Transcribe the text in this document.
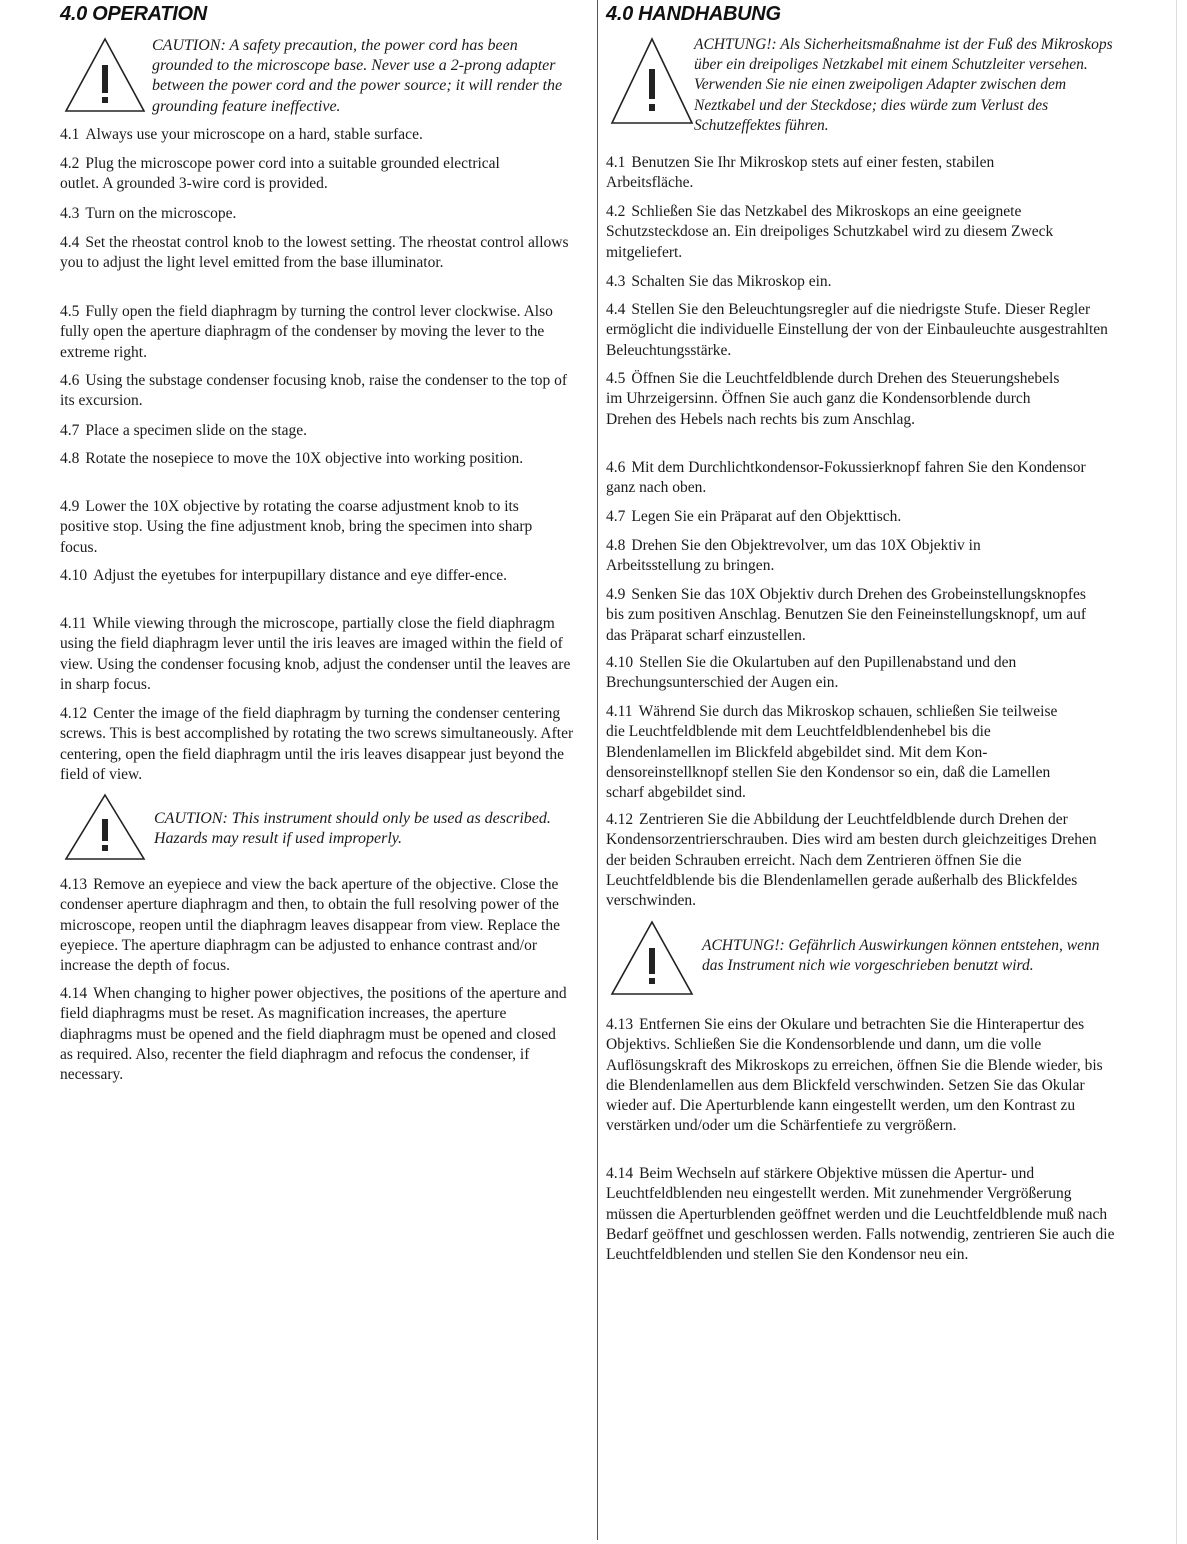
4.0 OPERATION
CAUTION: A safety precaution, the power cord has been grounded to the microscope base. Never use a 2-prong adapter between the power cord and the power source; it will render the grounding feature ineffective.

4.1 Always use your microscope on a hard, stable surface.

4.2 Plug the microscope power cord into a suitable grounded electrical outlet. A grounded 3-wire cord is provided.

4.3 Turn on the microscope.

4.4 Set the rheostat control knob to the lowest setting. The rheostat control allows you to adjust the light level emitted from the base illuminator.

4.5 Fully open the field diaphragm by turning the control lever clockwise. Also fully open the aperture diaphragm of the condenser by moving the lever to the extreme right.

4.6 Using the substage condenser focusing knob, raise the condenser to the top of its excursion.

4.7 Place a specimen slide on the stage.

4.8 Rotate the nosepiece to move the 10X objective into working position.

4.9 Lower the 10X objective by rotating the coarse adjustment knob to its positive stop. Using the fine adjustment knob, bring the specimen into sharp focus.

4.10 Adjust the eyetubes for interpupillary distance and eye differ-ence.

4.11 While viewing through the microscope, partially close the field diaphragm using the field diaphragm lever until the iris leaves are imaged within the field of view. Using the condenser focusing knob, adjust the condenser until the leaves are in sharp focus.

4.12 Center the image of the field diaphragm by turning the condenser centering screws. This is best accomplished by rotating the two screws simultaneously. After centering, open the field diaphragm until the iris leaves disappear just beyond the field of view.

CAUTION: This instrument should only be used as described. Hazards may result if used improperly.

4.13 Remove an eyepiece and view the back aperture of the objective. Close the condenser aperture diaphragm and then, to obtain the full resolving power of the microscope, reopen until the diaphragm leaves disappear from view. Replace the eyepiece. The aperture diaphragm can be adjusted to enhance contrast and/or increase the depth of focus.

4.14 When changing to higher power objectives, the positions of the aperture and field diaphragms must be reset. As magnification increases, the aperture diaphragms must be opened and the field diaphragm must be opened and closed as required. Also, recenter the field diaphragm and refocus the condenser, if necessary.

4.0 HANDHABUNG
ACHTUNG!: Als Sicherheitsmaßnahme ist der Fuß des Mikroskops über ein dreipoliges Netzkabel mit einem Schutzleiter versehen. Verwenden Sie nie einen zweipoligen Adapter zwischen dem Neztkabel und der Steckdose; dies würde zum Verlust des Schutzeffektes führen.

4.1 Benutzen Sie Ihr Mikroskop stets auf einer festen, stabilen Arbeitsfläche.

4.2 Schließen Sie das Netzkabel des Mikroskops an eine geeignete Schutzsteckdose an. Ein dreipoliges Schutzkabel wird zu diesem Zweck mitgeliefert.

4.3 Schalten Sie das Mikroskop ein.

4.4 Stellen Sie den Beleuchtungsregler auf die niedrigste Stufe. Dieser Regler ermöglicht die individuelle Einstellung der von der Einbauleuchte ausgestrahlten Beleuchtungsstärke.

4.5 Öffnen Sie die Leuchtfeldblende durch Drehen des Steuerungshebels im Uhrzeigersinn. Öffnen Sie auch ganz die Kondensorblende durch Drehen des Hebels nach rechts bis zum Anschlag.

4.6 Mit dem Durchlichtkondensor-Fokussierknopf fahren Sie den Kondensor ganz nach oben.

4.7 Legen Sie ein Präparat auf den Objekttisch.

4.8 Drehen Sie den Objektrevolver, um das 10X Objektiv in Arbeitsstellung zu bringen.

4.9 Senken Sie das 10X Objektiv durch Drehen des Grobeinstellungsknopfes bis zum positiven Anschlag. Benutzen Sie den Feineinstellungsknopf, um auf das Präparat scharf einzustellen.

4.10 Stellen Sie die Okulartuben auf den Pupillenabstand und den Brechungsunterschied der Augen ein.

4.11 Während Sie durch das Mikroskop schauen, schließen Sie teilweise die Leuchtfeldblende mit dem Leuchtfeldblendenhebel bis die Blendenlamellen im Blickfeld abgebildet sind. Mit dem Kon-densoreinstellknopf stellen Sie den Kondensor so ein, daß die Lamellen scharf abgebildet sind.

4.12 Zentrieren Sie die Abbildung der Leuchtfeldblende durch Drehen der Kondensorzentrierschrauben. Dies wird am besten durch gleichzeitiges Drehen der beiden Schrauben erreicht. Nach dem Zentrieren öffnen Sie die Leuchtfeldblende bis die Blendenlamellen gerade außerhalb des Blickfeldes verschwinden.

ACHTUNG!: Gefährlich Auswirkungen können entstehen, wenn das Instrument nich wie vorgeschrieben benutzt wird.

4.13 Entfernen Sie eins der Okulare und betrachten Sie die Hinterapertur des Objektivs. Schließen Sie die Kondensorblende und dann, um die volle Auflösungskraft des Mikroskops zu erreichen, öffnen Sie die Blende wieder, bis die Blendenlamellen aus dem Blickfeld verschwinden. Setzen Sie das Okular wieder auf. Die Aperturblende kann eingestellt werden, um den Kontrast zu verstärken und/oder um die Schärfentiefe zu vergrößern.

4.14 Beim Wechseln auf stärkere Objektive müssen die Apertur- und Leuchtfeldblenden neu eingestellt werden. Mit zunehmender Vergrößerung müssen die Aperturblenden geöffnet werden und die Leuchtfeldblende muß nach Bedarf geöffnet und geschlossen werden. Falls notwendig, zentrieren Sie auch die Leuchtfeldblenden und stellen Sie den Kondensor neu ein.
